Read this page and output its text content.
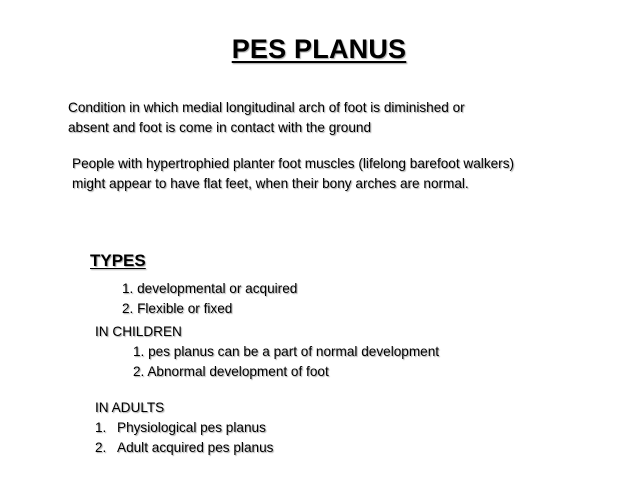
PES PLANUS
Condition in which medial longitudinal arch of foot is diminished or
absent and foot is come in contact with the ground
People with hypertrophied planter foot muscles (lifelong barefoot walkers)
might appear to have flat feet, when their bony arches are normal.
TYPES
1. developmental or acquired
2. Flexible or fixed
IN CHILDREN
1. pes planus can be a part of normal development
2. Abnormal development of foot
IN ADULTS
1. Physiological pes planus
2. Adult acquired pes planus
